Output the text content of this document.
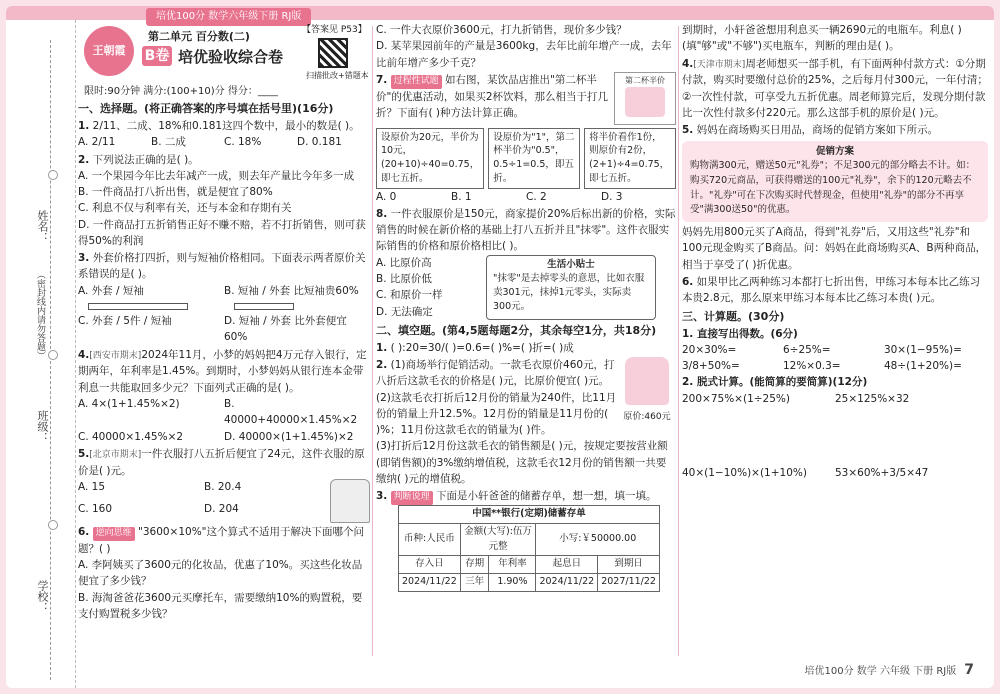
培优100分 数学六年级下册 RJ版
姓名：
（密封线内请勿答题）
班级：
学校：
王朝霞
第二单元 百分数(二)
B卷 培优验收综合卷
【答案见 P53】
扫描批改+错题本
限时:90分钟 满分:(100+10)分 得分：____
一、选择题。(将正确答案的序号填在括号里)(16分)
1. 2/11、二成、18%和0.181这四个数中，最小的数是( )。
A. 2/11	B. 二成	C. 18%	D. 0.181
2. 下列说法正确的是( )。
A. 一个果园今年比去年减产一成，则去年产量比今年多一成
B. 一件商品打八折出售，就是便宜了80%
C. 利息不仅与利率有关，还与本金和存期有关
D. 一件商品打五折销售正好不赚不赔，若不打折销售，则可获得50%的利润
3. 外套价格打四折，则与短袖价格相同。下面表示两者原价关系错误的是( )。
A. 外套 / 短袖	B. 短袖 / 外套 比短袖贵60%
C. 外套 / 5件 / 短袖	D. 短袖 / 外套 比外套便宜60%
4.[西安市期末]2024年11月，小梦的妈妈把4万元存入银行，定期两年，年利率是1.45%。到期时，小梦妈妈从银行连本金带利息一共能取回多少元？下面列式正确的是( )。
A. 4×(1+1.45%×2)	B. 40000+40000×1.45%×2
C. 40000×1.45%×2	D. 40000×(1+1.45%)×2
5.[北京市期末]一件衣服打八五折后便宜了24元，这件衣服的原价是( )元。
A. 15	B. 20.4
C. 160	D. 204
6. 逆向思维 "3600×10%"这个算式不适用于解决下面哪个问题？( )
A. 李阿姨买了3600元的化妆品，优惠了10%。买这些化妆品便宜了多少钱？
B. 海淘爸爸花3600元买摩托车，需要缴纳10%的购置税，要支付购置税多少钱？
C. 一件大衣原价3600元，打九折销售，现价多少钱？
D. 某苹果园前年的产量是3600kg，去年比前年增产一成，去年比前年增产多少千克？
7. 过程性试题 如右图，某饮品店推出"第二杯半价"的优惠活动，如果买2杯饮料，那么相当于打几折？下面有( )种方法计算正确。
第二杯半价
设原价为20元，半价为10元，(20+10)÷40=0.75，即七五折。
设原价为"1"，第二杯半价为"0.5"，0.5÷1=0.5，即五折。
将半价看作1份，则原价有2份，(2+1)÷4=0.75，即七五折。
A. 0	B. 1	C. 2	D. 3
8. 一件衣服原价是150元，商家提价20%后标出新的价格，实际销售的时候在新价格的基础上打八五折并且"抹零"。这件衣服实际销售的价格和原价格相比( )。
A. 比原价高
B. 比原价低
C. 和原价一样
D. 无法确定
生活小贴士
"抹零"是去掉零头的意思，比如衣服卖301元，抹掉1元零头，实际卖300元。
二、填空题。(第4,5题每题2分，其余每空1分，共18分)
1. ( ):20=30/( )=0.6=( )%=( )折=( )成
2. (1)商场举行促销活动。一款毛衣原价460元，打八折后这款毛衣的价格是( )元，比原价便宜( )元。
(2)这款毛衣打折后12月份的销量为240件，比11月份的销量上升12.5%。12月份的销量是11月份的( )%；11月份这款毛衣的销量为( )件。
原价:460元
(3)打折后12月份这款毛衣的销售额是( )元，按规定要按营业额(即销售额)的3%缴纳增值税，这款毛衣12月份的销售额一共要缴纳( )元的增值税。
3. 判断说理 下面是小轩爸爸的储蓄存单，想一想，填一填。
中国**银行(定期)储蓄存单				
币种:人民币	金额(大写):伍万元整		小写:￥50000.00	
存入日	存期	年利率	起息日	到期日
2024/11/22	三年	1.90%	2024/11/22	2027/11/22
到期时，小轩爸爸想用利息买一辆2690元的电瓶车。利息( )(填"够"或"不够")买电瓶车，判断的理由是( )。
4.[天津市期末]周老师想买一部手机，有下面两种付款方式：①分期付款，购买时要缴付总价的25%，之后每月付300元，一年付清；②一次性付款，可享受九五折优惠。周老师算完后，发现分期付款比一次性付款多付220元。那么这部手机的原价是( )元。
5. 妈妈在商场购买日用品，商场的促销方案如下所示。
促销方案
购物满300元，赠送50元"礼券"；不足300元的部分略去不计。如：购买720元商品，可获得赠送的100元"礼券"，余下的120元略去不计。"礼券"可在下次购买时代替现金，但使用"礼券"的部分不再享受"满300送50"的优惠。
妈妈先用800元买了A商品，得到"礼券"后，又用这些"礼券"和100元现金购买了B商品。问：妈妈在此商场购买A、B两种商品，相当于享受了( )折优惠。
6. 如果甲比乙两种练习本都打七折出售，甲练习本每本比乙练习本贵2.8元，那么原来甲练习本每本比乙练习本贵( )元。
三、计算题。(30分)
1. 直接写出得数。(6分)
20×30%=	6÷25%=	30×(1−95%)=
3/8+50%=	12%×0.3=	48÷(1+20%)=
2. 脱式计算。(能简算的要简算)(12分)
200×75%×(1÷25%)	25×125%×32
40×(1−10%)×(1+10%)	53×60%+3/5×47
培优100分 数学 六年级 下册 RJ版 7
